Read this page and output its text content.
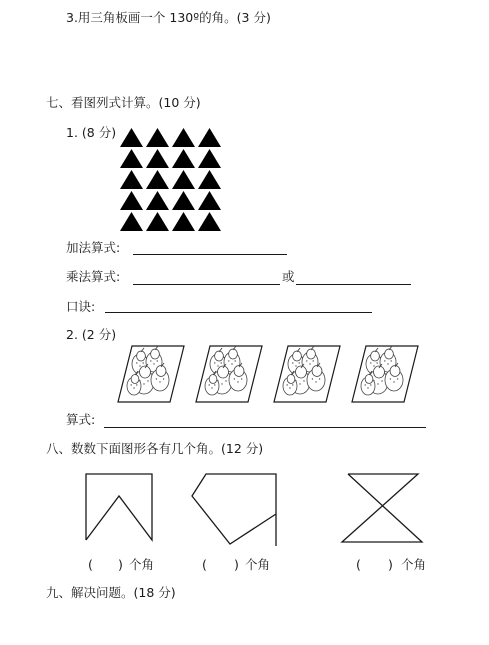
3.用三角板画一个 130º的角。(3 分)
七、看图列式计算。(10 分)
1. (8 分)
加法算式:
乘法算式:	或
口诀:
2. (2 分)
算式:
八、数数下面图形各有几个角。(12 分)
( ) 个角	( ) 个角	( ) 个角
九、解决问题。(18 分)
